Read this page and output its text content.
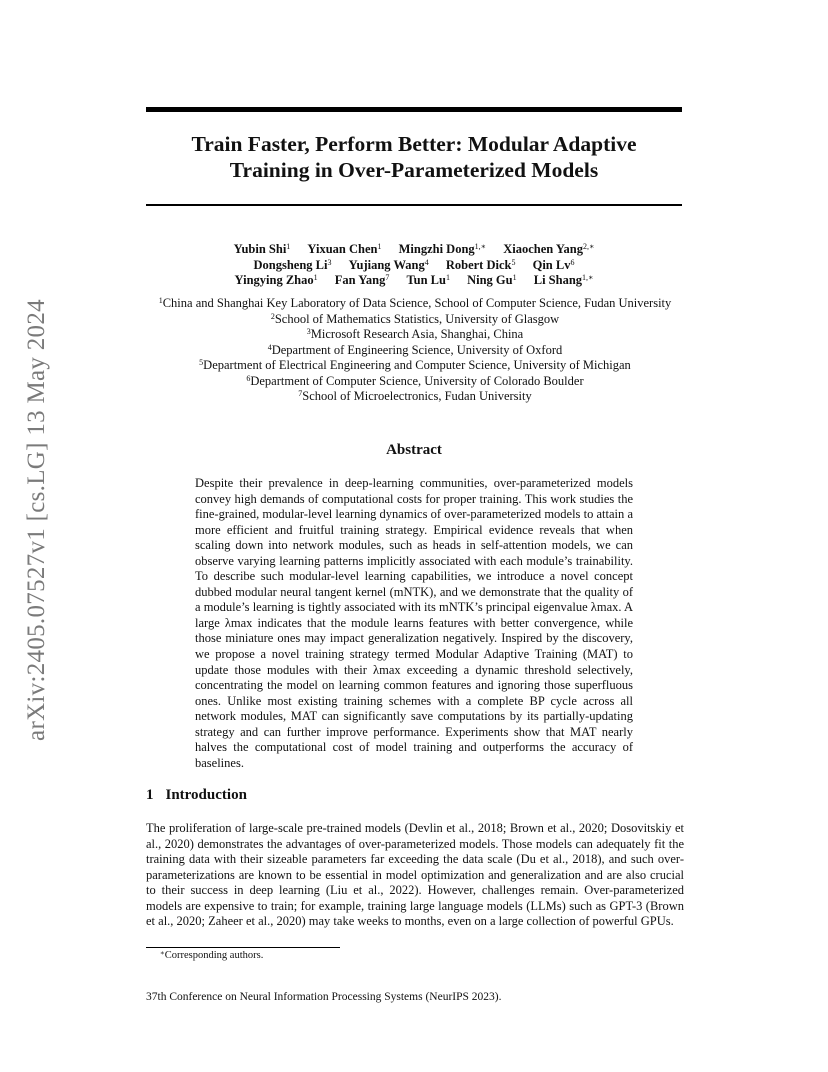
arXiv:2405.07527v1 [cs.LG] 13 May 2024
Train Faster, Perform Better: Modular Adaptive
Training in Over-Parameterized Models
Yubin Shi$^1$ Yixuan Chen$^1$ Mingzhi Dong$^{1,∗}$ Xiaochen Yang$^{2,∗}$
Dongsheng Li$^3$ Yujiang Wang$^4$ Robert Dick$^5$ Qin Lv$^6$
Yingying Zhao$^1$ Fan Yang$^7$ Tun Lu$^1$ Ning Gu$^1$ Li Shang$^{1,∗}$
$^1$China and Shanghai Key Laboratory of Data Science, School of Computer Science, Fudan University
$^2$School of Mathematics Statistics, University of Glasgow
$^3$Microsoft Research Asia, Shanghai, China
$^4$Department of Engineering Science, University of Oxford
$^5$Department of Electrical Engineering and Computer Science, University of Michigan
$^6$Department of Computer Science, University of Colorado Boulder
$^7$School of Microelectronics, Fudan University
Abstract
Despite their prevalence in deep-learning communities, over-parameterized models convey high demands of computational costs for proper training. This work studies the fine-grained, modular-level learning dynamics of over-parameterized models to attain a more efficient and fruitful training strategy. Empirical evidence reveals that when scaling down into network modules, such as heads in self-attention models, we can observe varying learning patterns implicitly associated with each module’s trainability. To describe such modular-level learning capabilities, we introduce a novel concept dubbed modular neural tangent kernel (mNTK), and we demonstrate that the quality of a module’s learning is tightly associated with its mNTK’s principal eigenvalue λmax. A large λmax indicates that the module learns features with better convergence, while those miniature ones may impact generalization negatively. Inspired by the discovery, we propose a novel training strategy termed Modular Adaptive Training (MAT) to update those modules with their λmax exceeding a dynamic threshold selectively, concentrating the model on learning common features and ignoring those superfluous ones. Unlike most existing training schemes with a complete BP cycle across all network modules, MAT can significantly save computations by its partially-updating strategy and can further improve performance. Experiments show that MAT nearly halves the computational cost of model training and outperforms the accuracy of baselines.
1 Introduction
The proliferation of large-scale pre-trained models (Devlin et al., 2018; Brown et al., 2020; Dosovitskiy et al., 2020) demonstrates the advantages of over-parameterized models. Those models can adequately fit the training data with their sizeable parameters far exceeding the data scale (Du et al., 2018), and such over-parameterizations are known to be essential in model optimization and generalization and are also crucial to their success in deep learning (Liu et al., 2022). However, challenges remain. Over-parameterized models are expensive to train; for example, training large language models (LLMs) such as GPT-3 (Brown et al., 2020; Zaheer et al., 2020) may take weeks to months, even on a large collection of powerful GPUs.
∗Corresponding authors.
37th Conference on Neural Information Processing Systems (NeurIPS 2023).
